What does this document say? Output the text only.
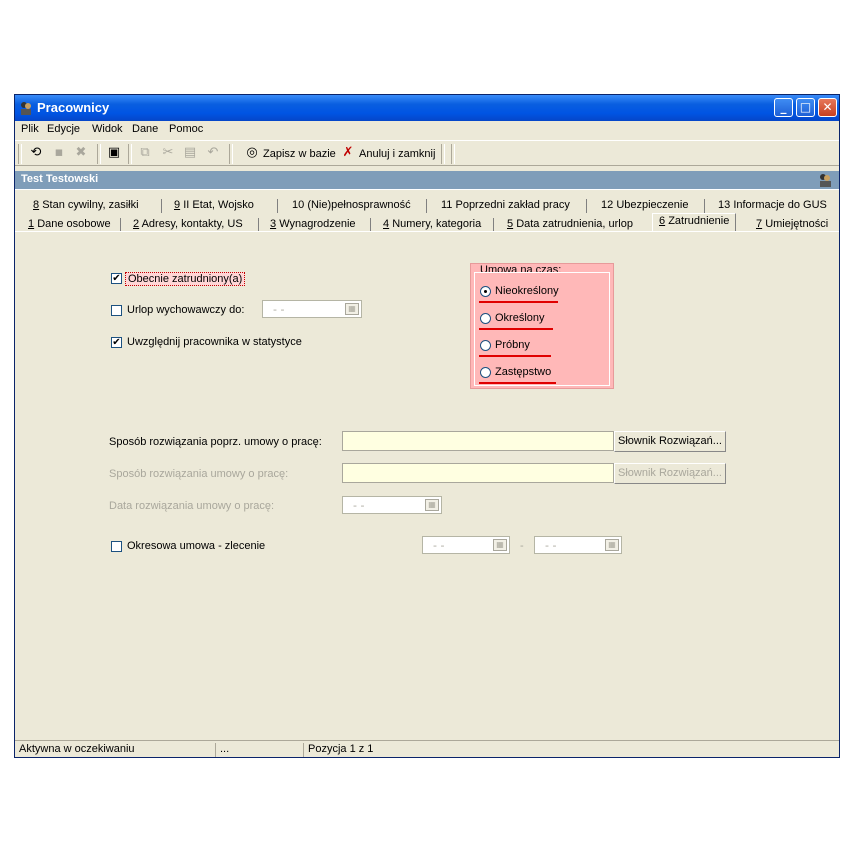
Pracownicy	_	□ ✕
Plik Edycje Widok Dane Pomoc
⟲ ▪ ✖ ▣ ⧉ ✂ ▤ ↶ ◎ Zapisz w bazie ✗ Anuluj i zamknij
Test Testowski
8 Stan cywilny, zasiłki	9 II Etat, Wojsko	10 (Nie)pełnosprawność	11 Poprzedni zakład pracy	12 Ubezpieczenie	13 Informacje do GUS
1 Dane osobowe 2 Adresy, kontakty, US 3 Wynagrodzenie 4 Numery, kategoria 5 Data zatrudnienia, urlop	6 Zatrudnienie	7 Umiejętności
✔ Obecnie zatrudniony(a)
Urlop wychowawczy do:	- -	▦
✔ Uwzględnij pracownika w statystyce
Umowa na czas:
Nieokreślony
Określony
Próbny
Zastępstwo
Sposób rozwiązania poprz. umowy o pracę:	Słownik Rozwiązań...
Sposób rozwiązania umowy o pracę:	Słownik Rozwiązań...
Data rozwiązania umowy o pracę:	- -	▦
Okresowa umowa - zlecenie	- -	▦ - - -	▦
Aktywna w oczekiwaniu	...	Pozycja 1 z 1
